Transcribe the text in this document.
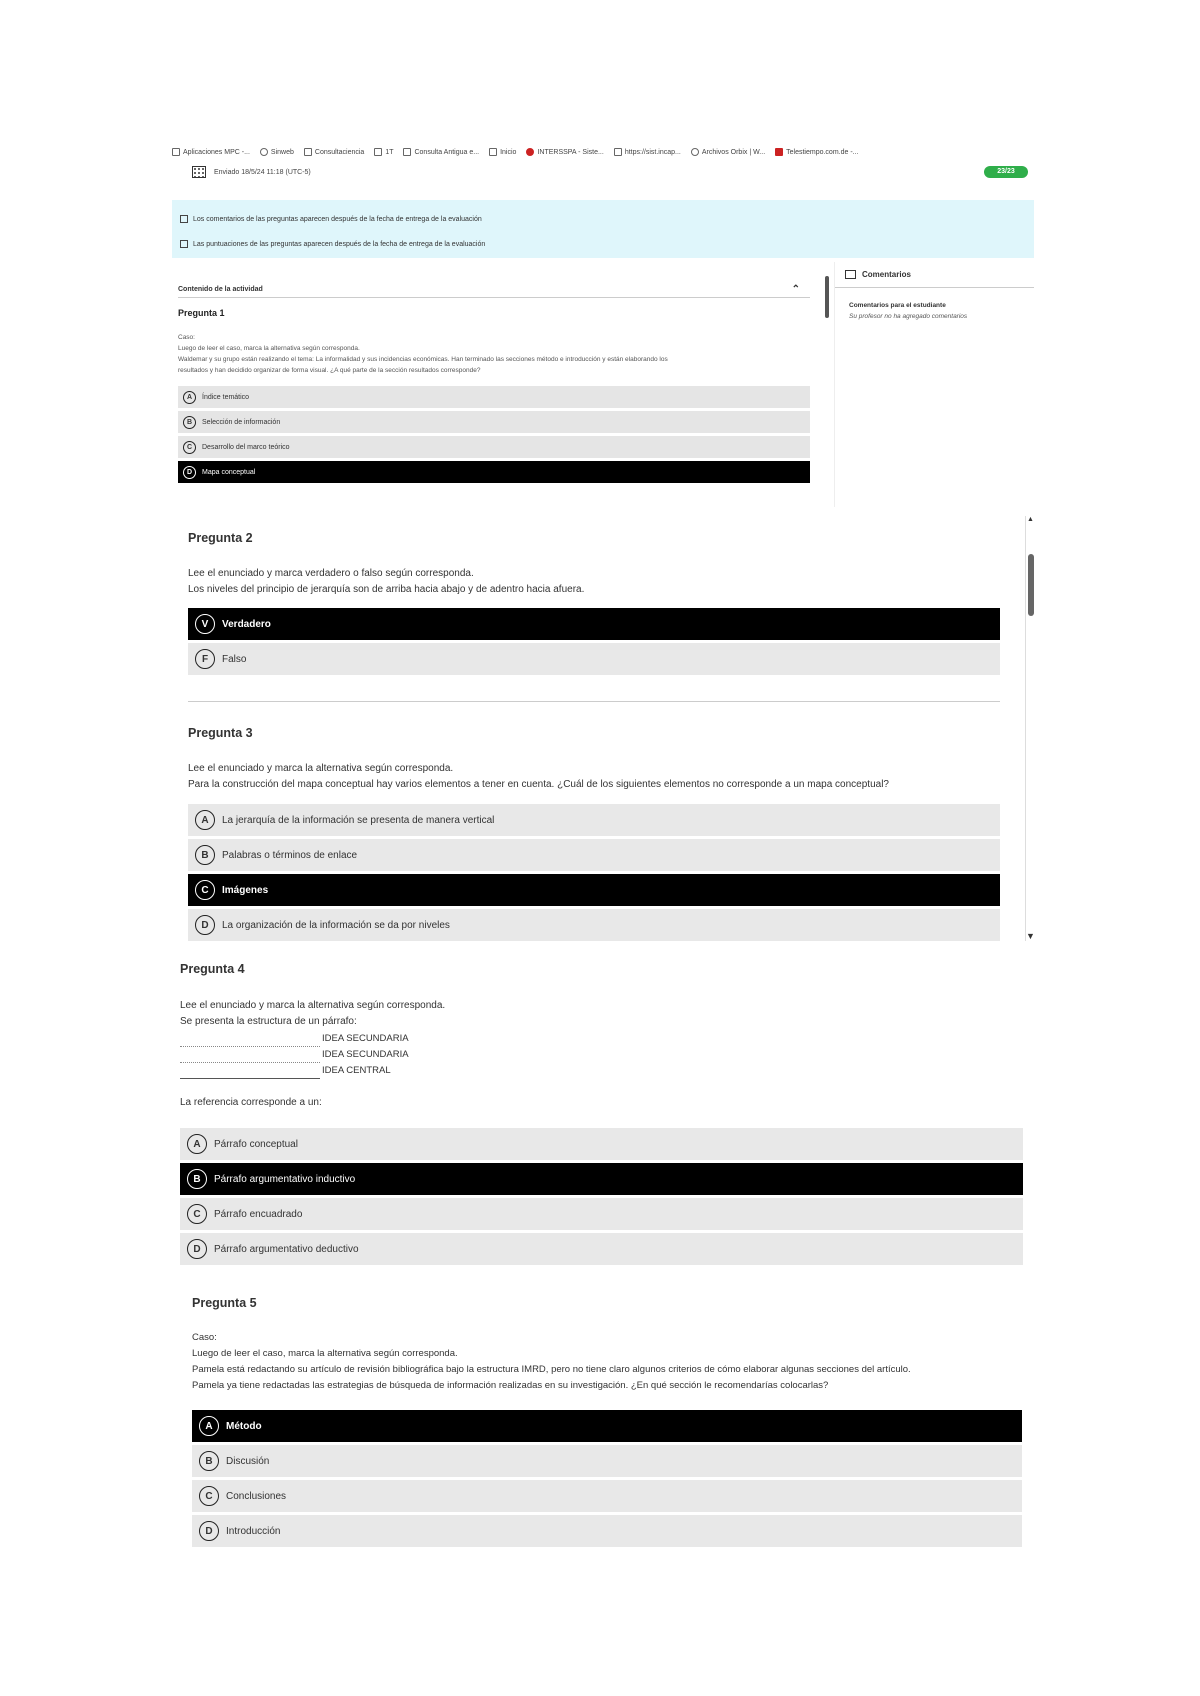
Aplicaciones MPC -...	Sinweb	Consultaciencia	1T	Consulta Antigua e...	Inicio	INTERSSPA - Siste...	https://sist.incap...	Archivos Orbix | W...	Telestiempo.com.de -...
Enviado 18/5/24 11:18 (UTC-5)	23/23
Los comentarios de las preguntas aparecen después de la fecha de entrega de la evaluación
Las puntuaciones de las preguntas aparecen después de la fecha de entrega de la evaluación
Contenido de la actividad	⌃
Pregunta 1
Caso:
Luego de leer el caso, marca la alternativa según corresponda.
Waldemar y su grupo están realizando el tema: La informalidad y sus incidencias económicas. Han terminado las secciones método e introducción y están elaborando los
resultados y han decidido organizar de forma visual. ¿A qué parte de la sección resultados corresponde?
A	Índice temático
B	Selección de información
C	Desarrollo del marco teórico
D	Mapa conceptual
Comentarios
Comentarios para el estudiante
Su profesor no ha agregado comentarios
Pregunta 2
Lee el enunciado y marca verdadero o falso según corresponda.
Los niveles del principio de jerarquía son de arriba hacia abajo y de adentro hacia afuera.
V	Verdadero
F	Falso
Pregunta 3
Lee el enunciado y marca la alternativa según corresponda.
Para la construcción del mapa conceptual hay varios elementos a tener en cuenta. ¿Cuál de los siguientes elementos no corresponde a un mapa conceptual?
A	La jerarquía de la información se presenta de manera vertical
B	Palabras o términos de enlace
C	Imágenes
D	La organización de la información se da por niveles
▲
▼
Pregunta 4
Lee el enunciado y marca la alternativa según corresponda.
Se presenta la estructura de un párrafo:
IDEA SECUNDARIA
IDEA SECUNDARIA
IDEA CENTRAL
La referencia corresponde a un:
A	Párrafo conceptual
B	Párrafo argumentativo inductivo
C	Párrafo encuadrado
D	Párrafo argumentativo deductivo
Pregunta 5
Caso:
Luego de leer el caso, marca la alternativa según corresponda.
Pamela está redactando su artículo de revisión bibliográfica bajo la estructura IMRD, pero no tiene claro algunos criterios de cómo elaborar algunas secciones del artículo.
Pamela ya tiene redactadas las estrategias de búsqueda de información realizadas en su investigación. ¿En qué sección le recomendarías colocarlas?
A	Método
B	Discusión
C	Conclusiones
D	Introducción
